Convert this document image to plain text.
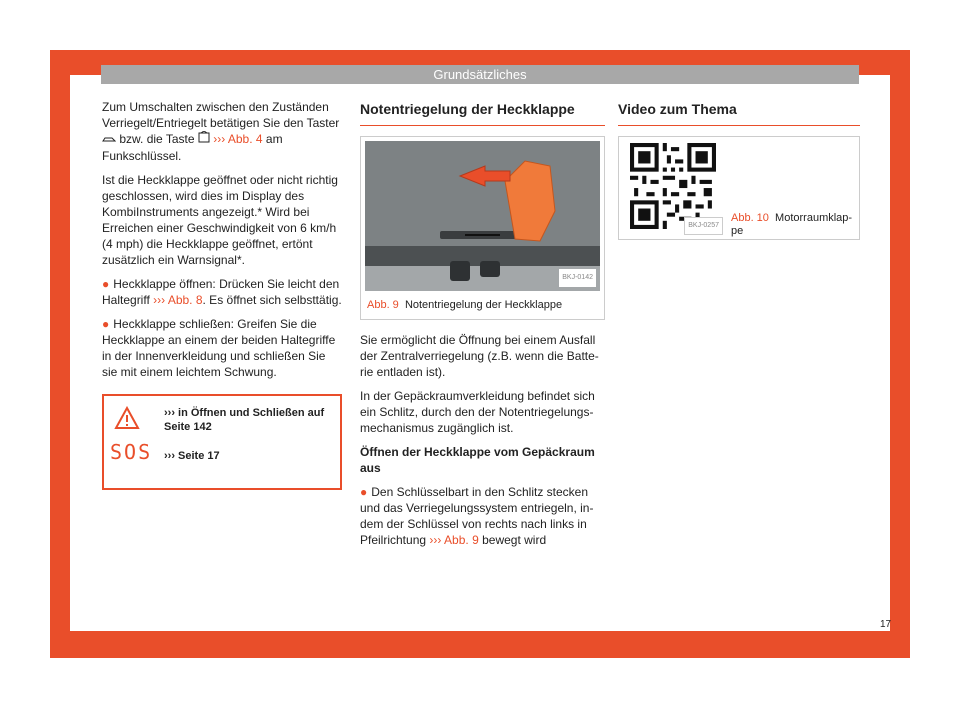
Grundsätzliches

Zum Umschalten zwischen den Zuständen Verriegelt/Entriegelt betätigen Sie den Taster  bzw. die Taste ››› Abb. 4 am Funkschlüssel.

Ist die Heckklappe geöffnet oder nicht richtig geschlossen, wird dies im Display des KombiInstruments angezeigt.* Wird bei Erreichen einer Geschwindigkeit von 6 km/h (4 mph) die Heckklappe geöffnet, ertönt zusätzlich ein Warnsignal*.

● Heckklappe öffnen: Drücken Sie leicht den Haltegriff ››› Abb. 8. Es öffnet sich selbsttätig.

● Heckklappe schließen: Greifen Sie die Heckklappe an einem der beiden Haltegriffe in der Innenverkleidung und schließen Sie sie mit einem leichtem Schwung.

SOS
››› in Öffnen und Schließen auf Seite 142
››› Seite 17
Notentriegelung der Heckklappe
BKJ-0142
Abb. 9 Notentriegelung der Heckklappe

Sie ermöglicht die Öffnung bei einem Ausfall der Zentralverriegelung (z.B. wenn die Batterie entladen ist).

In der Gepäckraumverkleidung befindet sich ein Schlitz, durch den der Notentriegelungsmechanismus zugänglich ist.

Öffnen der Heckklappe vom Gepäckraum aus

● Den Schlüsselbart in den Schlitz stecken und das Verriegelungssystem entriegeln, indem der Schlüssel von rechts nach links in Pfeilrichtung ››› Abb. 9 bewegt wird

Video zum Thema
BKJ-0257
Abb. 10 Motorraumklappe
17
